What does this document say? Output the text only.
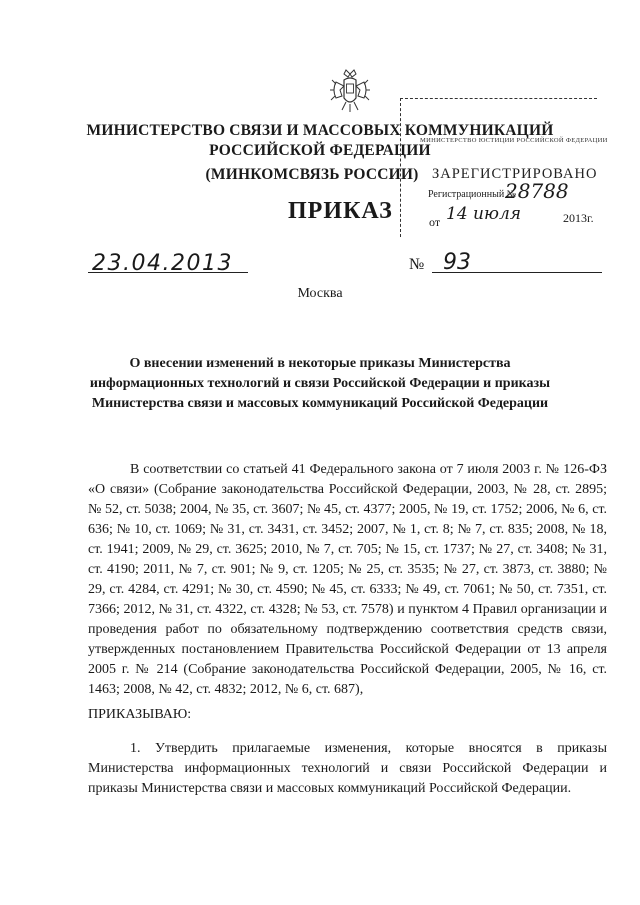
МИНИСТЕРСТВО СВЯЗИ И МАССОВЫХ КОММУНИКАЦИЙ
РОССИЙСКОЙ ФЕДЕРАЦИИ
(МИНКОМСВЯЗЬ РОССИИ)
ПРИКАЗ
МИНИСТЕРСТВО ЮСТИЦИИ РОССИЙСКОЙ ФЕДЕРАЦИИ
ЗАРЕГИСТРИРОВАНО
Регистрационный №
28788
от 14 июля	2013г.
23.04.2013	№ 93
Москва
О внесении изменений в некоторые приказы Министерства информационных технологий и связи Российской Федерации и приказы Министерства связи и массовых коммуникаций Российской Федерации
В соответствии со статьей 41 Федерального закона от 7 июля 2003 г. № 126-ФЗ «О связи» (Собрание законодательства Российской Федерации, 2003, № 28, ст. 2895; № 52, ст. 5038; 2004, № 35, ст. 3607; № 45, ст. 4377; 2005, № 19, ст. 1752; 2006, № 6, ст. 636; № 10, ст. 1069; № 31, ст. 3431, ст. 3452; 2007, № 1, ст. 8; № 7, ст. 835; 2008, № 18, ст. 1941; 2009, № 29, ст. 3625; 2010, № 7, ст. 705; № 15, ст. 1737; № 27, ст. 3408; № 31, ст. 4190; 2011, № 7, ст. 901; № 9, ст. 1205; № 25, ст. 3535; № 27, ст. 3873, ст. 3880; № 29, ст. 4284, ст. 4291; № 30, ст. 4590; № 45, ст. 6333; № 49, ст. 7061; № 50, ст. 7351, ст. 7366; 2012, № 31, ст. 4322, ст. 4328; № 53, ст. 7578) и пунктом 4 Правил организации и проведения работ по обязательному подтверждению соответствия средств связи, утвержденных постановлением Правительства Российской Федерации от 13 апреля 2005 г. № 214 (Собрание законодательства Российской Федерации, 2005, № 16, ст. 1463; 2008, № 42, ст. 4832; 2012, № 6, ст. 687),
ПРИКАЗЫВАЮ:
1. Утвердить прилагаемые изменения, которые вносятся в приказы Министерства информационных технологий и связи Российской Федерации и приказы Министерства связи и массовых коммуникаций Российской Федерации.
